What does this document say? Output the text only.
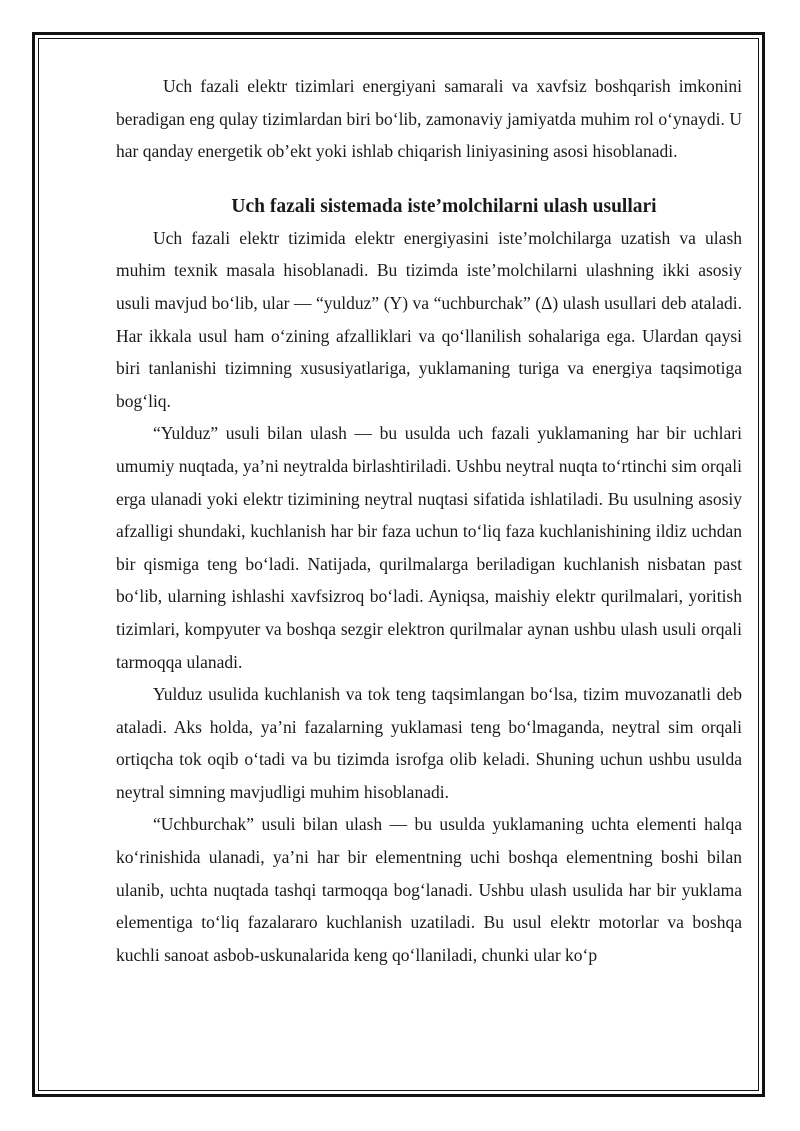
Uch fazali elektr tizimlari energiyani samarali va xavfsiz boshqarish imkonini beradigan eng qulay tizimlardan biri bo‘lib, zamonaviy jamiyatda muhim rol o‘ynaydi. U har qanday energetik ob’ekt yoki ishlab chiqarish liniyasining asosi hisoblanadi.

Uch fazali sistemada iste’molchilarni ulash usullari

Uch fazali elektr tizimida elektr energiyasini iste’molchilarga uzatish va ulash muhim texnik masala hisoblanadi. Bu tizimda iste’molchilarni ulashning ikki asosiy usuli mavjud bo‘lib, ular — “yulduz” (Y) va “uchburchak” (Δ) ulash usullari deb ataladi. Har ikkala usul ham o‘zining afzalliklari va qo‘llanilish sohalariga ega. Ulardan qaysi biri tanlanishi tizimning xususiyatlariga, yuklamaning turiga va energiya taqsimotiga bog‘liq.

“Yulduz” usuli bilan ulash — bu usulda uch fazali yuklamaning har bir uchlari umumiy nuqtada, ya’ni neytralda birlashtiriladi. Ushbu neytral nuqta to‘rtinchi sim orqali erga ulanadi yoki elektr tizimining neytral nuqtasi sifatida ishlatiladi. Bu usulning asosiy afzalligi shundaki, kuchlanish har bir faza uchun to‘liq faza kuchlanishining ildiz uchdan bir qismiga teng bo‘ladi. Natijada, qurilmalarga beriladigan kuchlanish nisbatan past bo‘lib, ularning ishlashi xavfsizroq bo‘ladi. Ayniqsa, maishiy elektr qurilmalari, yoritish tizimlari, kompyuter va boshqa sezgir elektron qurilmalar aynan ushbu ulash usuli orqali tarmoqqa ulanadi.

Yulduz usulida kuchlanish va tok teng taqsimlangan bo‘lsa, tizim muvozanatli deb ataladi. Aks holda, ya’ni fazalarning yuklamasi teng bo‘lmaganda, neytral sim orqali ortiqcha tok oqib o‘tadi va bu tizimda isrofga olib keladi. Shuning uchun ushbu usulda neytral simning mavjudligi muhim hisoblanadi.

“Uchburchak” usuli bilan ulash — bu usulda yuklamaning uchta elementi halqa ko‘rinishida ulanadi, ya’ni har bir elementning uchi boshqa elementning boshi bilan ulanib, uchta nuqtada tashqi tarmoqqa bog‘lanadi. Ushbu ulash usulida har bir yuklama elementiga to‘liq fazalararo kuchlanish uzatiladi. Bu usul elektr motorlar va boshqa kuchli sanoat asbob-uskunalarida keng qo‘llaniladi, chunki ular ko‘p
